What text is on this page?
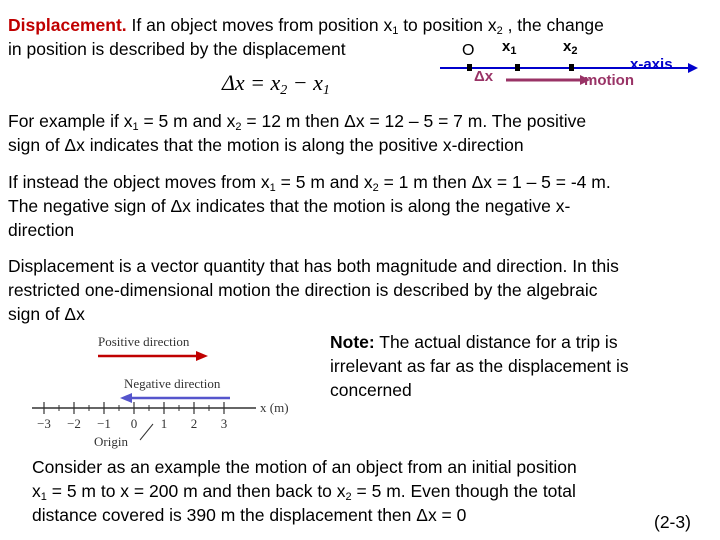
Displacement. If an object moves from position $x_1$ to position $x_2$ , the change
in position is described by the displacement
$\Delta x = x_2 - x_1$
O $x_1$	$x_2$
x-axis
Δx	motion
For example if $x_1 = 5$ m and $x_2 = 12$ m then Δx = 12 – 5 = 7 m. The positive
sign of Δx indicates that the motion is along the positive x-direction
If instead the object moves from $x_1 = 5$ m and $x_2 = 1$ m then Δx = 1 – 5 = -4 m.
The negative sign of Δx indicates that the motion is along the negative x-
direction
Displacement is a vector quantity that has both magnitude and direction. In this
restricted one-dimensional motion the direction is described by the algebraic
sign of Δx
Note: The actual distance for a trip is
irrelevant as far as the displacement is
concerned
Positive direction
Negative direction
−3 −2 −1 0 1 2 3
x (m)
Origin
Consider as an example the motion of an object from an initial position
$x_1 = 5$ m to x = 200 m and then back to $x_2 = 5$ m. Even though the total
distance covered is 390 m the displacement then Δx = 0	(2-3)
